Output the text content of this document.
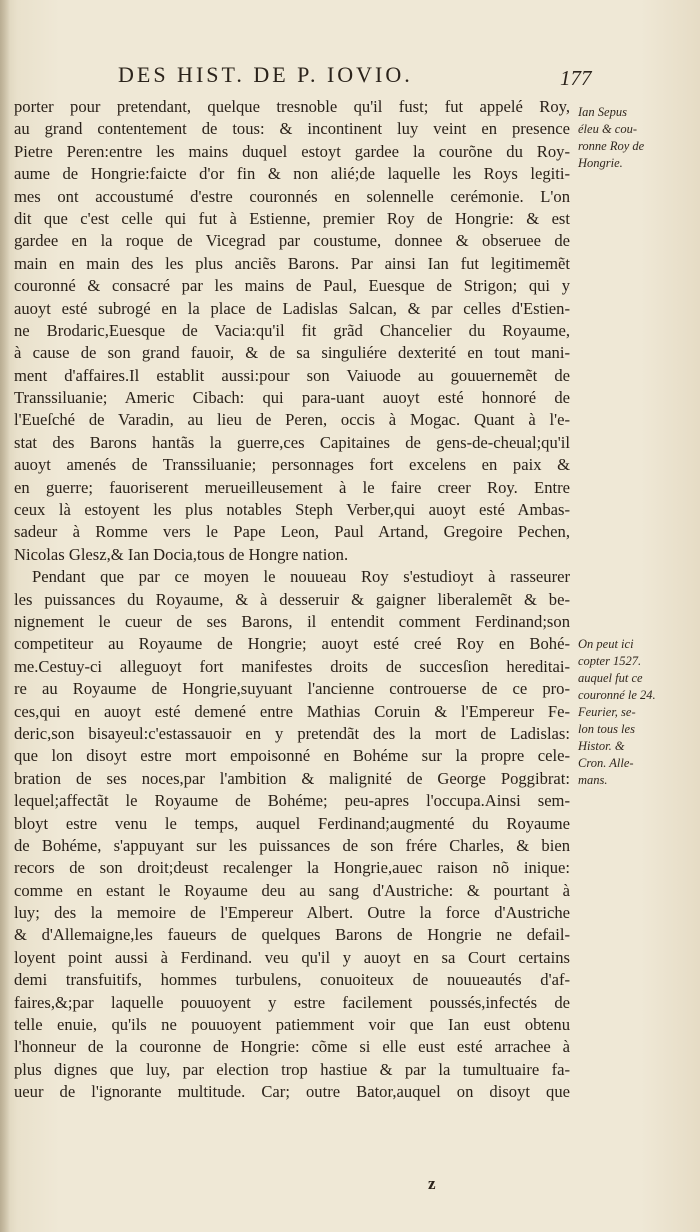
DES HIST. DE P. IOVIO.	177
porter pour pretendant, quelque tresnoble qu'il fust; fut appelé Roy,
au grand contentement de tous: & incontinent luy veint en presence
Pietre Peren:entre les mains duquel estoyt gardee la courõne du Roy-
aume de Hongrie:faicte d'or fin & non alié;de laquelle les Roys legiti-
mes ont accoustumé d'estre couronnés en solennelle cerémonie. L'on
dit que c'est celle qui fut à Estienne, premier Roy de Hongrie: & est
gardee en la roque de Vicegrad par coustume, donnee & obseruee de
main en main des les plus anciẽs Barons. Par ainsi Ian fut legitimemẽt
couronné & consacré par les mains de Paul, Euesque de Strigon; qui y
auoyt esté subrogé en la place de Ladislas Salcan, & par celles d'Estien-
ne Brodaric,Euesque de Vacia:qu'il fit grãd Chancelier du Royaume,
à cause de son grand fauoir, & de sa singuliére dexterité en tout mani-
ment d'affaires.Il establit aussi:pour son Vaiuode au gouuernemẽt de
Transsiluanie; Americ Cibach: qui para-uant auoyt esté honnoré de
l'Eueſché de Varadin, au lieu de Peren, occis à Mogac. Quant à l'e-
stat des Barons hantãs la guerre,ces Capitaines de gens-de-cheual;qu'il
auoyt amenés de Transsiluanie; personnages fort excelens en paix &
en guerre; fauoriserent merueilleusement à le faire creer Roy. Entre
ceux là estoyent les plus notables Steph Verber,qui auoyt esté Ambas-
sadeur à Romme vers le Pape Leon, Paul Artand, Gregoire Pechen,
Nicolas Glesz,& Ian Docia,tous de Hongre nation.
Pendant que par ce moyen le nouueau Roy s'estudioyt à rasseurer
les puissances du Royaume, & à desseruir & gaigner liberalemẽt & be-
nignement le cueur de ses Barons, il entendit comment Ferdinand;son
competiteur au Royaume de Hongrie; auoyt esté creé Roy en Bohé-
me.Cestuy-ci alleguoyt fort manifestes droits de succesſion hereditai-
re au Royaume de Hongrie,suyuant l'ancienne controuerse de ce pro-
ces,qui en auoyt esté demené entre Mathias Coruin & l'Empereur Fe-
deric,son bisayeul:c'estassauoir en y pretendãt des la mort de Ladislas:
que lon disoyt estre mort empoisonné en Bohéme sur la propre cele-
bration de ses noces,par l'ambition & malignité de George Poggibrat:
lequel;affectãt le Royaume de Bohéme; peu-apres l'occupa.Ainsi sem-
bloyt estre venu le temps, auquel Ferdinand;augmenté du Royaume
de Bohéme, s'appuyant sur les puissances de son frére Charles, & bien
recors de son droit;deust recalenger la Hongrie,auec raison nõ inique:
comme en estant le Royaume deu au sang d'Austriche: & pourtant à
luy; des la memoire de l'Empereur Albert. Outre la force d'Austriche
& d'Allemaigne,les faueurs de quelques Barons de Hongrie ne defail-
loyent point aussi à Ferdinand. veu qu'il y auoyt en sa Court certains
demi transfuitifs, hommes turbulens, conuoiteux de nouueautés d'af-
faires,&;par laquelle pouuoyent y estre facilement poussés,infectés de
telle enuie, qu'ils ne pouuoyent patiemment voir que Ian eust obtenu
l'honneur de la couronne de Hongrie: cõme si elle eust esté arrachee à
plus dignes que luy, par election trop hastiue & par la tumultuaire fa-
ueur de l'ignorante multitude. Car; outre Bator,auquel on disoyt que
Ian Sepus
éleu & cou-
ronne Roy de
Hongrie.
On peut ici
copter 1527.
auquel fut ce
couronné le 24.
Feurier, se-
lon tous les
Histor. &
Cron. Alle-
mans.
z
